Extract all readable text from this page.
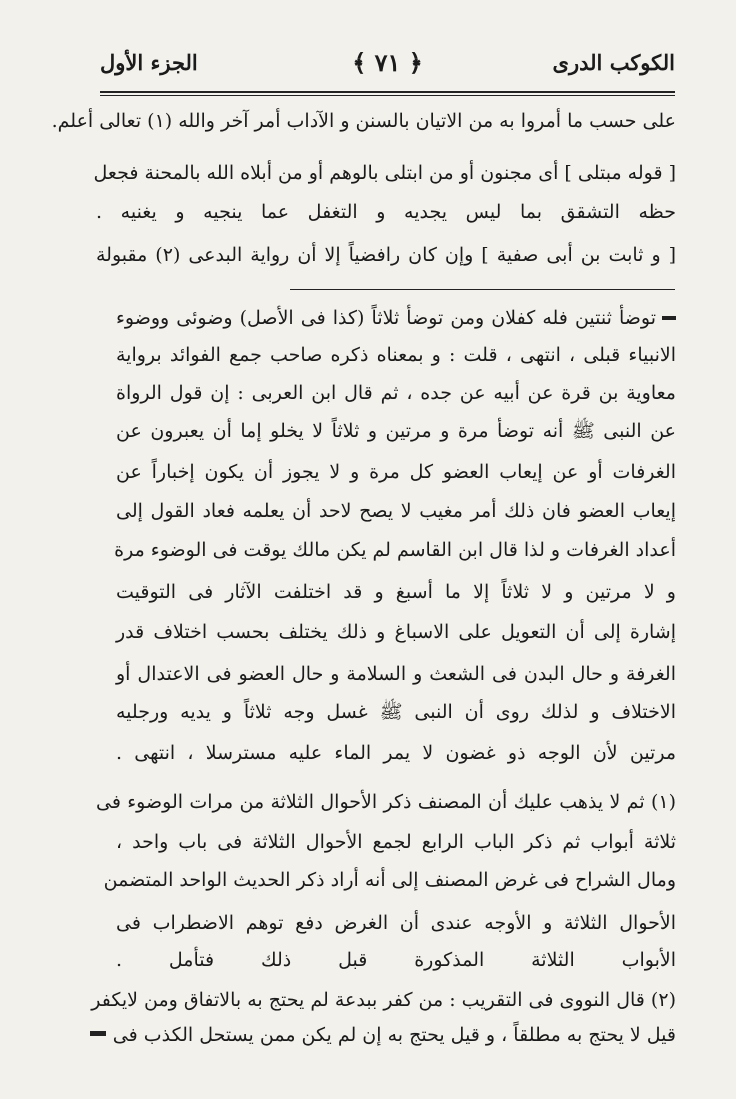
الكوكب الدرى
﴿ ٧١ ﴾
الجزء الأول
على حسب ما أمروا به من الاتيان بالسنن و الآداب أمر آخر والله (١) تعالى أعلم.
[ قوله مبتلى ] أى مجنون أو من ابتلى بالوهم أو من أبلاه الله بالمحنة فجعل
حظه التشقق بما ليس يجديه و التغفل عما ينجيه و يغنيه .
[ و ثابت بن أبى صفية ] وإن كان رافضياً إلا أن رواية البدعى (٢) مقبولة
توضأ ثنتين فله كفلان ومن توضأ ثلاثاً (كذا فى الأصل) وضوئى ووضوء
الانبياء قبلى ، انتهى ، قلت : و بمعناه ذكره صاحب جمع الفوائد برواية
معاوية بن قرة عن أبيه عن جده ، ثم قال ابن العربى : إن قول الرواة
عن النبى ﷺ أنه توضأ مرة و مرتين و ثلاثاً لا يخلو إما أن يعبرون عن
الغرفات أو عن إيعاب العضو كل مرة و لا يجوز أن يكون إخباراً عن
إيعاب العضو فان ذلك أمر مغيب لا يصح لاحد أن يعلمه فعاد القول إلى
أعداد الغرفات و لذا قال ابن القاسم لم يكن مالك يوقت فى الوضوء مرة
و لا مرتين و لا ثلاثاً إلا ما أسبغ و قد اختلفت الآثار فى التوقيت
إشارة إلى أن التعويل على الاسباغ و ذلك يختلف بحسب اختلاف قدر
الغرفة و حال البدن فى الشعث و السلامة و حال العضو فى الاعتدال أو
الاختلاف و لذلك روى أن النبى ﷺ غسل وجه ثلاثاً و يديه ورجليه
مرتين لأن الوجه ذو غضون لا يمر الماء عليه مسترسلا ، انتهى .
(١) ثم لا يذهب عليك أن المصنف ذكر الأحوال الثلاثة من مرات الوضوء فى
ثلاثة أبواب ثم ذكر الباب الرابع لجمع الأحوال الثلاثة فى باب واحد ،
ومال الشراح فى غرض المصنف إلى أنه أراد ذكر الحديث الواحد المتضمن
الأحوال الثلاثة و الأوجه عندى أن الغرض دفع توهم الاضطراب فى
الأبواب الثلاثة المذكورة قبل ذلك فتأمل .
(٢) قال النووى فى التقريب : من كفر ببدعة لم يحتج به بالاتفاق ومن لايكفر
قيل لا يحتج به مطلقاً ، و قيل يحتج به إن لم يكن ممن يستحل الكذب فى
